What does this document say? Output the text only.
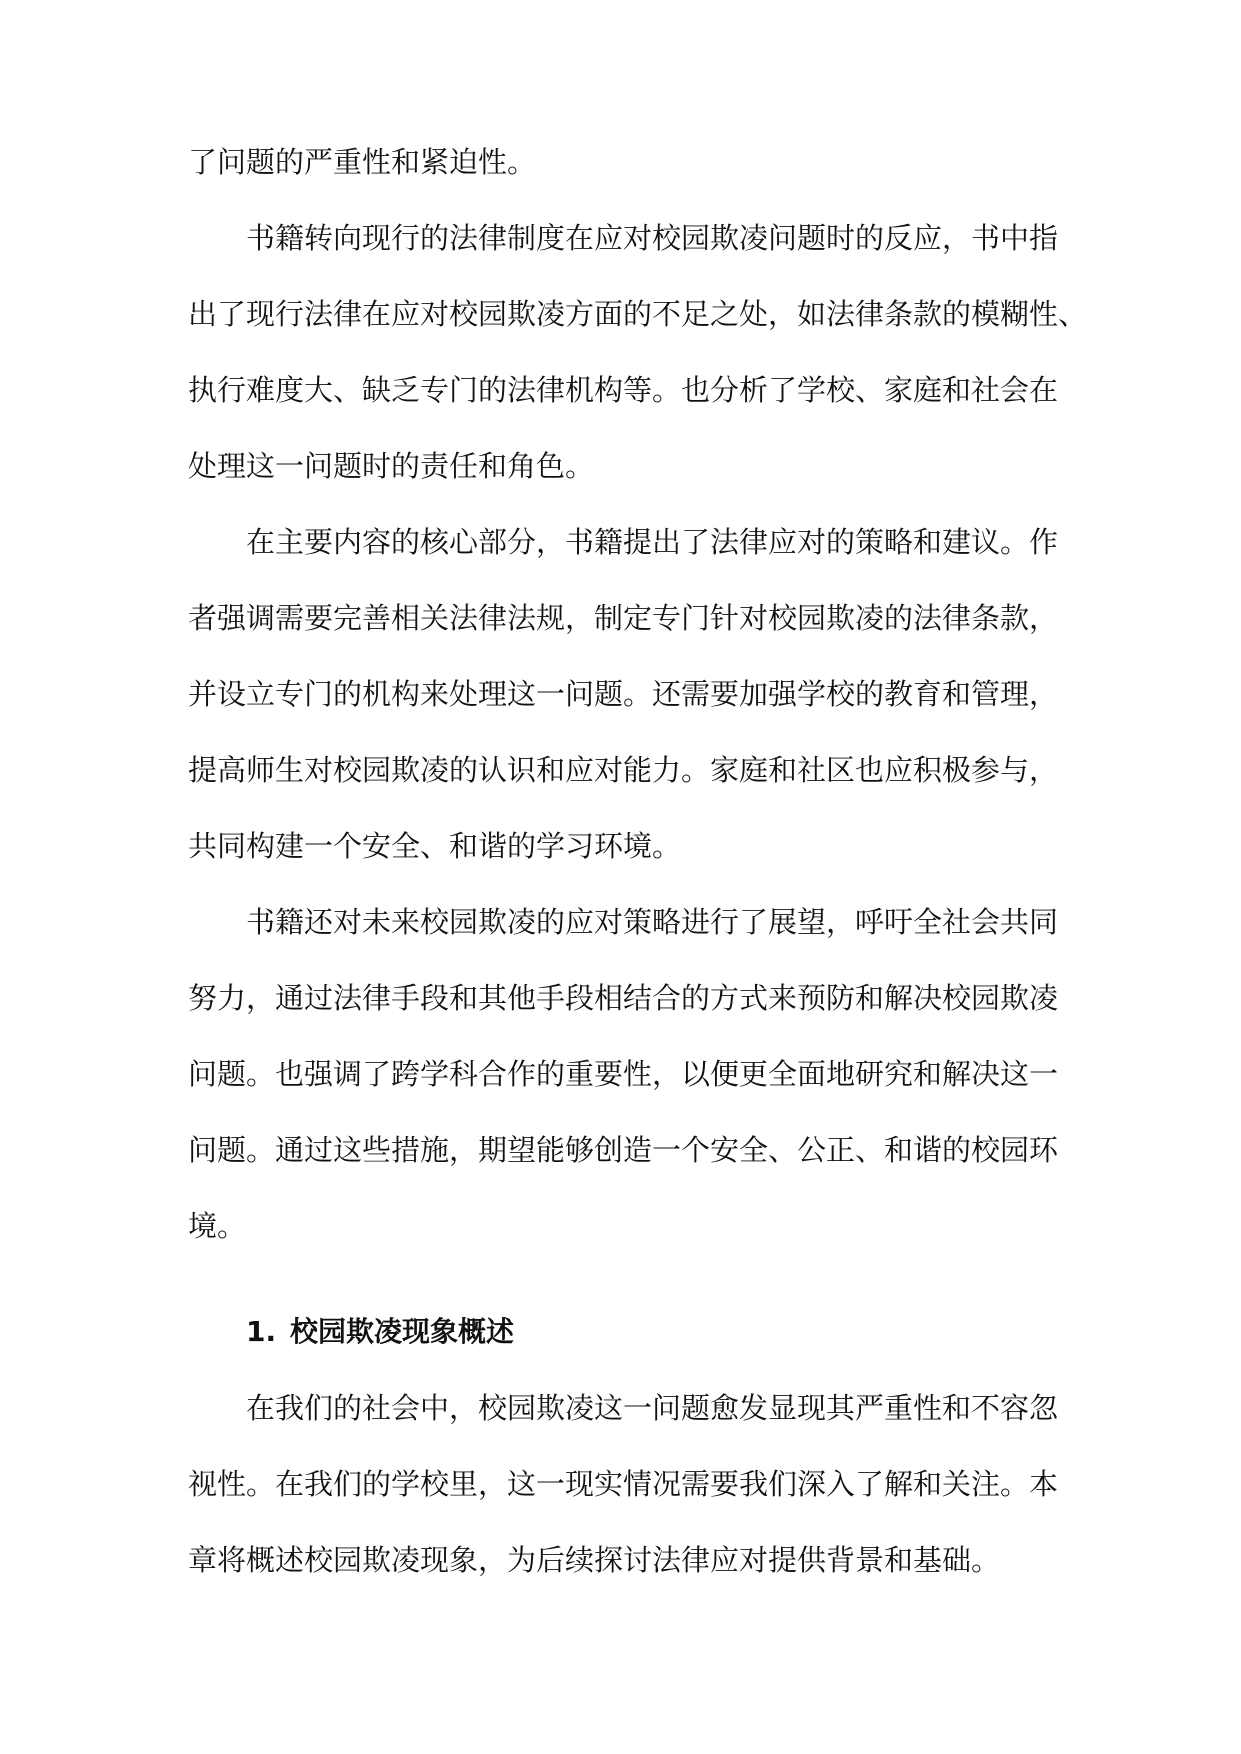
了问题的严重性和紧迫性。
书籍转向现行的法律制度在应对校园欺凌问题时的反应，书中指
出了现行法律在应对校园欺凌方面的不足之处，如法律条款的模糊性、
执行难度大、缺乏专门的法律机构等。也分析了学校、家庭和社会在
处理这一问题时的责任和角色。
在主要内容的核心部分，书籍提出了法律应对的策略和建议。作
者强调需要完善相关法律法规，制定专门针对校园欺凌的法律条款，
并设立专门的机构来处理这一问题。还需要加强学校的教育和管理，
提高师生对校园欺凌的认识和应对能力。家庭和社区也应积极参与，
共同构建一个安全、和谐的学习环境。
书籍还对未来校园欺凌的应对策略进行了展望，呼吁全社会共同
努力，通过法律手段和其他手段相结合的方式来预防和解决校园欺凌
问题。也强调了跨学科合作的重要性，以便更全面地研究和解决这一
问题。通过这些措施，期望能够创造一个安全、公正、和谐的校园环
境。
1. 校园欺凌现象概述
在我们的社会中，校园欺凌这一问题愈发显现其严重性和不容忽
视性。在我们的学校里，这一现实情况需要我们深入了解和关注。本
章将概述校园欺凌现象，为后续探讨法律应对提供背景和基础。
